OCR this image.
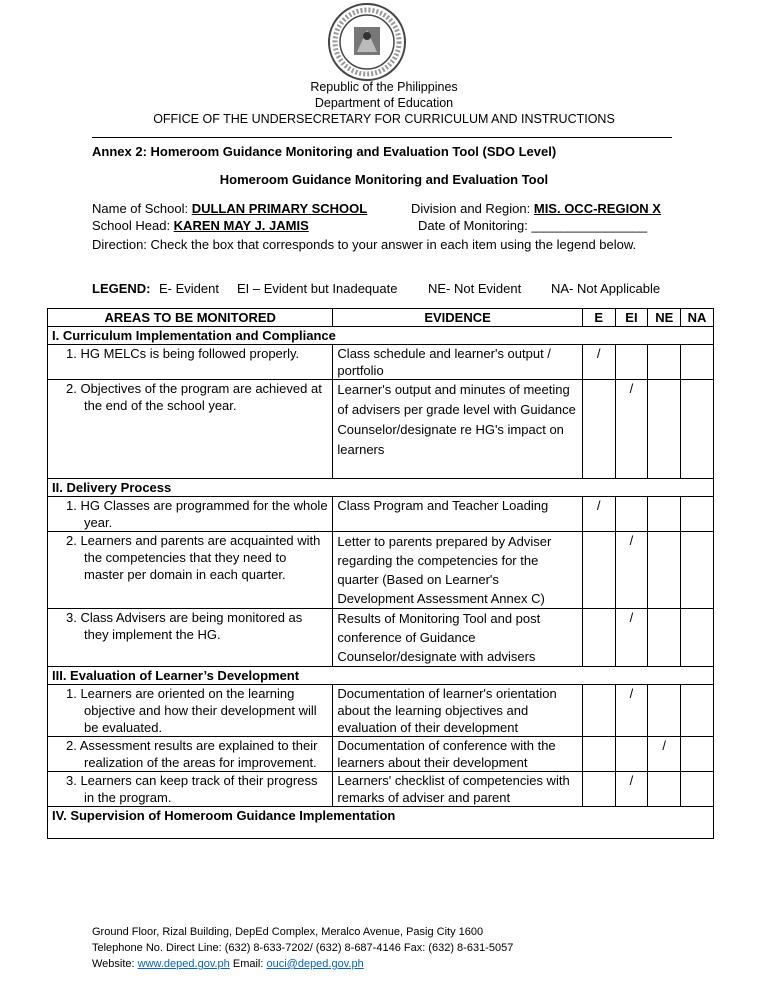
Republic of the Philippines
Department of Education
OFFICE OF THE UNDERSECRETARY FOR CURRICULUM AND INSTRUCTIONS
Annex 2: Homeroom Guidance Monitoring and Evaluation Tool (SDO Level)
Homeroom Guidance Monitoring and Evaluation Tool
Name of School: DULLAN PRIMARY SCHOOL	Division and Region: MIS. OCC-REGION X
School Head: KAREN MAY J. JAMIS	Date of Monitoring: ________________
Direction: Check the box that corresponds to your answer in each item using the legend below.
LEGEND: E- Evident EI – Evident but Inadequate NE- Not Evident NA- Not Applicable
AREAS TO BE MONITORED	EVIDENCE	E	EI	NE	NA
I. Curriculum Implementation and Compliance					
1. HG MELCs is being followed properly.	Class schedule and learner's output / portfolio	/			
2. Objectives of the program are achieved at the end of the school year.	Learner's output and minutes of meeting of advisers per grade level with Guidance Counselor/designate re HG's impact on learners		/		
II. Delivery Process					
1. HG Classes are programmed for the whole year.	Class Program and Teacher Loading	/			
2. Learners and parents are acquainted with the competencies that they need to master per domain in each quarter.	Letter to parents prepared by Adviser regarding the competencies for the quarter (Based on Learner's Development Assessment Annex C)		/		
3. Class Advisers are being monitored as they implement the HG.	Results of Monitoring Tool and post conference of Guidance Counselor/designate with advisers		/		
III. Evaluation of Learner’s Development					
1. Learners are oriented on the learning objective and how their development will be evaluated.	Documentation of learner's orientation about the learning objectives and evaluation of their development		/		
2. Assessment results are explained to their realization of the areas for improvement.	Documentation of conference with the learners about their development			/	
3. Learners can keep track of their progress in the program.	Learners' checklist of competencies with remarks of adviser and parent		/		
IV. Supervision of Homeroom Guidance Implementation					
Ground Floor, Rizal Building, DepEd Complex, Meralco Avenue, Pasig City 1600
Telephone No. Direct Line: (632) 8-633-7202/ (632) 8-687-4146 Fax: (632) 8-631-5057
Website: www.deped.gov.ph Email: ouci@deped.gov.ph
